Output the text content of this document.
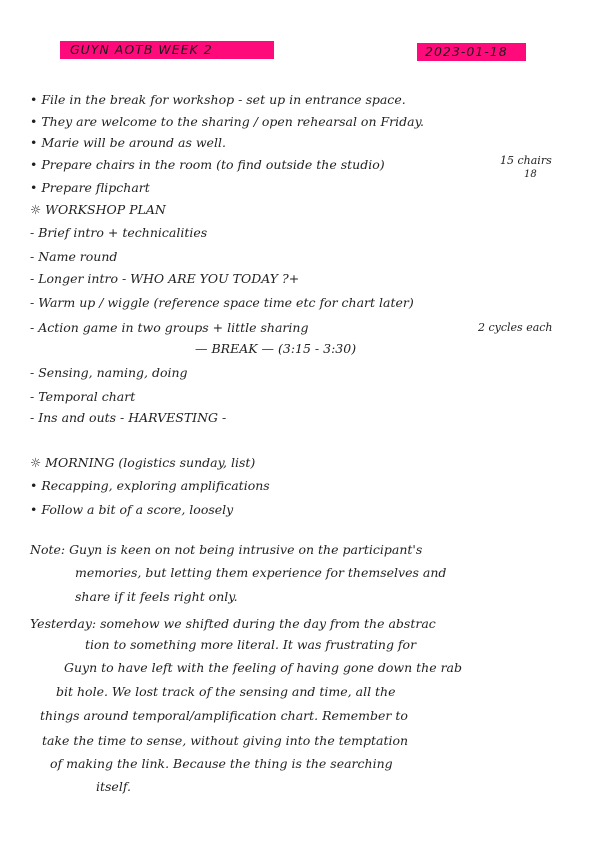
GUYN AOTB WEEK 2	2023-01-18
• File in the break for workshop - set up in entrance space.
• They are welcome to the sharing / open rehearsal on Friday.
• Marie will be around as well.
• Prepare chairs in the room (to find outside the studio)	15 chairs
18
• Prepare flipchart
☼ WORKSHOP PLAN
- Brief intro + technicalities
- Name round
- Longer intro - WHO ARE YOU TODAY ?+
- Warm up / wiggle (reference space time etc for chart later)
- Action game in two groups + little sharing	2 cycles each
— BREAK — (3:15 - 3:30)
- Sensing, naming, doing
- Temporal chart
- Ins and outs - HARVESTING -
☼ MORNING (logistics sunday, list)
• Recapping, exploring amplifications
• Follow a bit of a score, loosely
Note: Guyn is keen on not being intrusive on the participant's
memories, but letting them experience for themselves and
share if it feels right only.
Yesterday: somehow we shifted during the day from the abstrac
tion to something more literal. It was frustrating for
Guyn to have left with the feeling of having gone down the rab
bit hole. We lost track of the sensing and time, all the
things around temporal/amplification chart. Remember to
take the time to sense, without giving into the temptation
of making the link. Because the thing is the searching
itself.
